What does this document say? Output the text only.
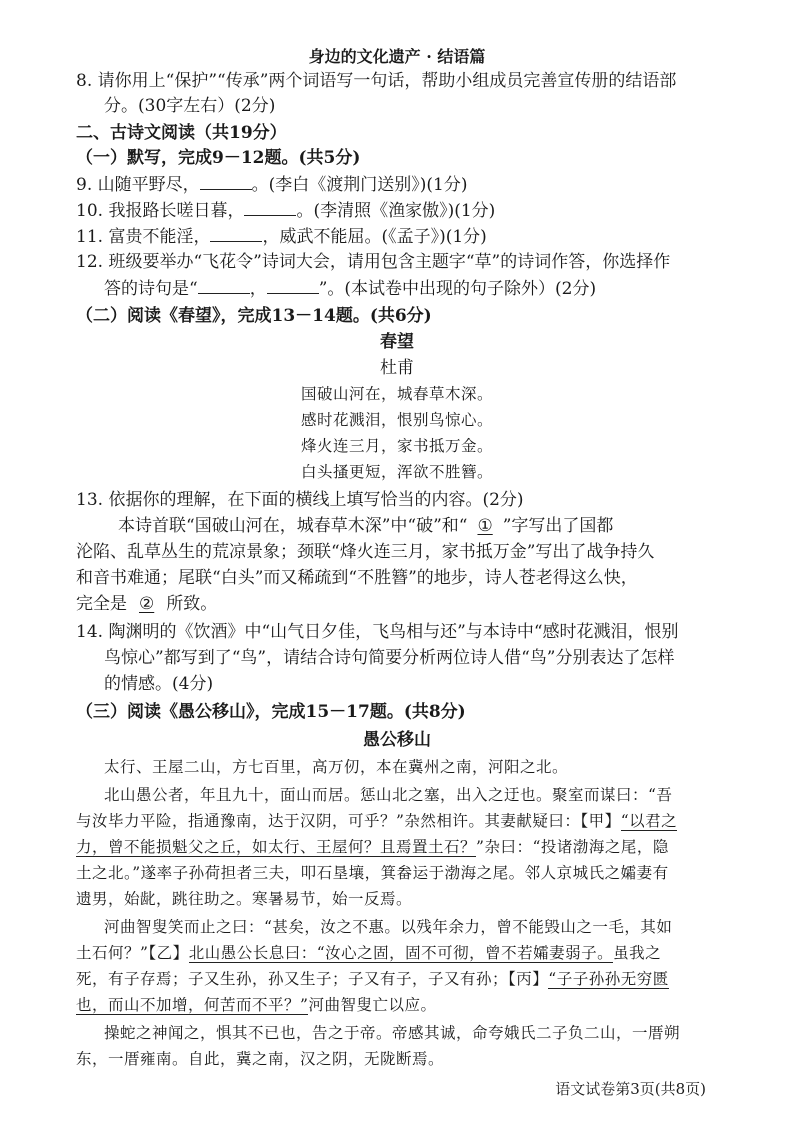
身边的文化遗产 · 结语篇
8. 请你用上“保护”“传承”两个词语写一句话，帮助小组成员完善宣传册的结语部
分。(30字左右）(2分)
二、古诗文阅读（共19分）
（一）默写，完成9－12题。(共5分)
9. 山随平野尽，	。(李白《渡荆门送别》)(1分)
10. 我报路长嗟日暮，	。(李清照《渔家傲》)(1分)
11. 富贵不能淫，	，威武不能屈。(《孟子》)(1分)
12. 班级要举办“飞花令”诗词大会，请用包含主题字“草”的诗词作答，你选择作
答的诗句是“	，	”。(本试卷中出现的句子除外）(2分)
（二）阅读《春望》，完成13－14题。(共6分)
春望
杜甫
国破山河在，城春草木深。
感时花溅泪，恨别鸟惊心。
烽火连三月，家书抵万金。
白头搔更短，浑欲不胜簪。
13. 依据你的理解，在下面的横线上填写恰当的内容。(2分)
本诗首联“国破山河在，城春草木深”中“破”和“ ① ”字写出了国都
沦陷、乱草丛生的荒凉景象；颈联“烽火连三月，家书抵万金”写出了战争持久
和音书难通；尾联“白头”而又稀疏到“不胜簪”的地步，诗人苍老得这么快，
完全是 ② 所致。
14. 陶渊明的《饮酒》中“山气日夕佳，飞鸟相与还”与本诗中“感时花溅泪，恨别
鸟惊心”都写到了“鸟”，请结合诗句简要分析两位诗人借“鸟”分别表达了怎样
的情感。(4分)
（三）阅读《愚公移山》，完成15－17题。(共8分)
愚公移山
太行、王屋二山，方七百里，高万仞，本在冀州之南，河阳之北。
北山愚公者，年且九十，面山而居。惩山北之塞，出入之迂也。聚室而谋曰：“吾
与汝毕力平险，指通豫南，达于汉阴，可乎？”杂然相许。其妻献疑曰：【甲】“以君之
力，曾不能损魁父之丘，如太行、王屋何？且焉置土石？”杂曰：“投诸渤海之尾，隐
土之北。”遂率子孙荷担者三夫，叩石垦壤，箕畚运于渤海之尾。邻人京城氏之孀妻有
遗男，始龀，跳往助之。寒暑易节，始一反焉。
河曲智叟笑而止之曰：“甚矣，汝之不惠。以残年余力，曾不能毁山之一毛，其如
土石何？”【乙】北山愚公长息曰：“汝心之固，固不可彻，曾不若孀妻弱子。虽我之
死，有子存焉；子又生孙，孙又生子；子又有子，子又有孙；【丙】“子子孙孙无穷匮
也，而山不加增，何苦而不平？”河曲智叟亡以应。
操蛇之神闻之，惧其不已也，告之于帝。帝感其诚，命夸娥氏二子负二山，一厝朔
东，一厝雍南。自此，冀之南，汉之阴，无陇断焉。
语文试卷第3页(共8页)
